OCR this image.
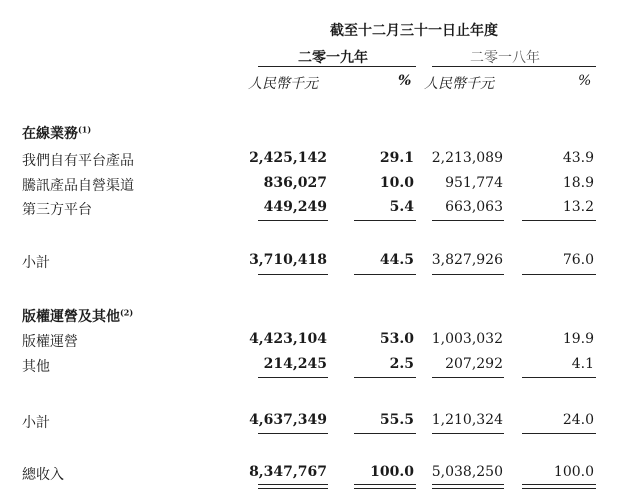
截至十二月三十一日止年度
二零一九年	二零一八年
人民幣千元	% 人民幣千元	%
在線業務$^{(1)}$
我們自有平台產品	2,425,142	29.1 2,213,089	43.9
騰訊產品自營渠道	836,027	10.0 951,774	18.9
第三方平台	449,249	5.4 663,063	13.2
小計	3,710,418	44.5 3,827,926	76.0
版權運營及其他$^{(2)}$
版權運營	4,423,104	53.0 1,003,032	19.9
其他	214,245	2.5 207,292	4.1
小計	4,637,349	55.5 1,210,324	24.0
總收入	8,347,767	100.0 5,038,250	100.0
